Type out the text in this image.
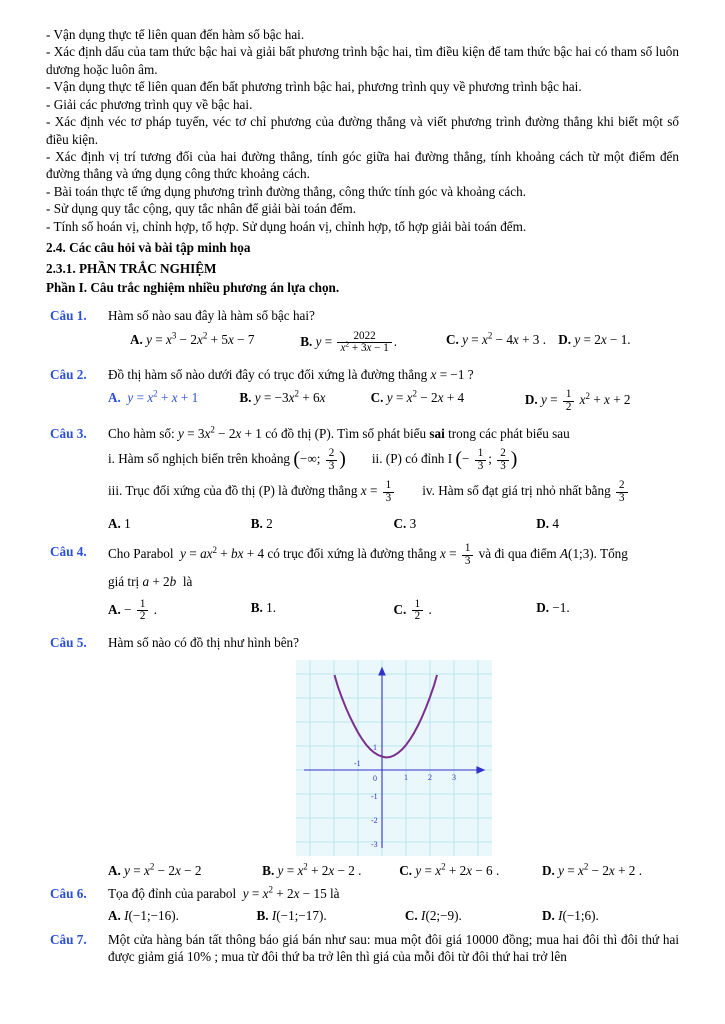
- Vận dụng thực tế liên quan đến hàm số bậc hai.

- Xác định dấu của tam thức bậc hai và giải bất phương trình bậc hai, tìm điều kiện để tam thức bậc hai có tham số luôn dương hoặc luôn âm.

- Vận dụng thực tế liên quan đến bất phương trình bậc hai, phương trình quy về phương trình bậc hai.

- Giải các phương trình quy về bậc hai.

- Xác định véc tơ pháp tuyến, véc tơ chỉ phương của đường thẳng và viết phương trình đường thẳng khi biết một số điều kiện.

- Xác định vị trí tương đối của hai đường thẳng, tính góc giữa hai đường thẳng, tính khoảng cách từ một điểm đến đường thẳng và ứng dụng công thức khoảng cách.

- Bài toán thực tế ứng dụng phương trình đường thẳng, công thức tính góc và khoảng cách.

- Sử dụng quy tắc cộng, quy tắc nhân để giải bài toán đếm.

- Tính số hoán vị, chỉnh hợp, tổ hợp. Sử dụng hoán vị, chỉnh hợp, tổ hợp giải bài toán đếm.

2.4. Các câu hỏi và bài tập minh họa
2.3.1. PHẦN TRẮC NGHIỆM
Phần I. Câu trắc nghiệm nhiều phương án lựa chọn.
Câu 1.	Hàm số nào sau đây là hàm số bậc hai?
A. $y = x^3 - 2x^2 + 5x - 7$	B. $y = \frac{2022}{x^2 + 3x - 1}$ .	C. $y = x^2 - 4x + 3$ . D. y = 2x − 1.
Câu 2.	Đồ thị hàm số nào dưới đây có trục đối xứng là đường thẳng x = −1 ?
A. $y = x^2 + x + 1$	B. $y = -3x^2 + 6x$	C. $y = x^2 - 2x + 4$	D. $y = \frac{1}{2} x^2 + x + 2$
Câu 3.	Cho hàm số: $y = 3x^2 - 2x + 1$ có đồ thị (P). Tìm số phát biểu sai trong các phát biểu sau
i. Hàm số nghịch biến trên khoảng (−∞; $\frac{2}{3}$ ) ii. (P) có đỉnh I (− $\frac{1}{3}$ ; $\frac{2}{3}$ )
iii. Trục đối xứng của đồ thị (P) là đường thẳng $x = \frac{1}{3}$ iv. Hàm số đạt giá trị nhỏ nhất bằng $\frac{2}{3}$
A. 1	B. 2	C. 3	D. 4
Câu 4.	Cho Parabol  $y = ax^2$ + bx + 4 có trục đối xứng là đường thẳng $x = \frac{1}{3}$ và đi qua điểm A(1;3). Tổng
giá trị a + 2b  là
A. − $\frac{1}{2}$ .	B. 1.	C. $\frac{1}{2}$ .	D. −1.
Câu 5.	Hàm số nào có đồ thị như hình bên?
-1
1	2	3
1
0
-1
-2
-3
A. $y = x^2 - 2x - 2$	B. $y = x^2 + 2x - 2$ .	C. $y = x^2 + 2x - 6$ .	D. $y = x^2 - 2x + 2$ .
Câu 6.	Tọa độ đỉnh của parabol  $y = x^2 + 2x - 15$ là
A. I(−1;−16).	B. I(−1;−17).	C. I(2;−9).	D. I(−1;6).
Câu 7.	Một cửa hàng bán tất thông báo giá bán như sau: mua một đôi giá 10000 đồng; mua hai đôi thì đôi thứ hai được giảm giá 10% ; mua từ đôi thứ ba trở lên thì giá của mỗi đôi từ đôi thứ hai trở lên
